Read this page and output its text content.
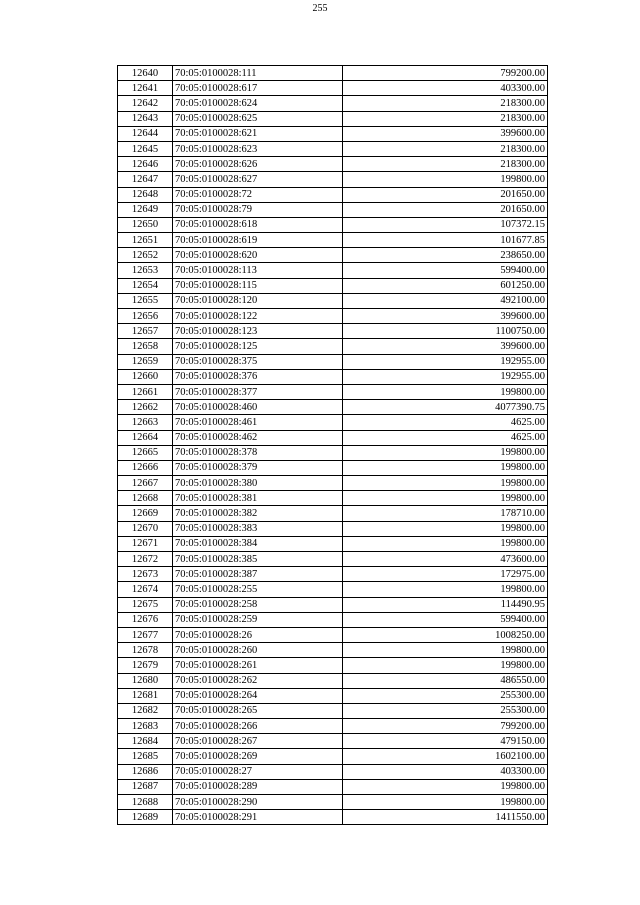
255
12640	70:05:0100028:111	799200.00
12641	70:05:0100028:617	403300.00
12642	70:05:0100028:624	218300.00
12643	70:05:0100028:625	218300.00
12644	70:05:0100028:621	399600.00
12645	70:05:0100028:623	218300.00
12646	70:05:0100028:626	218300.00
12647	70:05:0100028:627	199800.00
12648	70:05:0100028:72	201650.00
12649	70:05:0100028:79	201650.00
12650	70:05:0100028:618	107372.15
12651	70:05:0100028:619	101677.85
12652	70:05:0100028:620	238650.00
12653	70:05:0100028:113	599400.00
12654	70:05:0100028:115	601250.00
12655	70:05:0100028:120	492100.00
12656	70:05:0100028:122	399600.00
12657	70:05:0100028:123	1100750.00
12658	70:05:0100028:125	399600.00
12659	70:05:0100028:375	192955.00
12660	70:05:0100028:376	192955.00
12661	70:05:0100028:377	199800.00
12662	70:05:0100028:460	4077390.75
12663	70:05:0100028:461	4625.00
12664	70:05:0100028:462	4625.00
12665	70:05:0100028:378	199800.00
12666	70:05:0100028:379	199800.00
12667	70:05:0100028:380	199800.00
12668	70:05:0100028:381	199800.00
12669	70:05:0100028:382	178710.00
12670	70:05:0100028:383	199800.00
12671	70:05:0100028:384	199800.00
12672	70:05:0100028:385	473600.00
12673	70:05:0100028:387	172975.00
12674	70:05:0100028:255	199800.00
12675	70:05:0100028:258	114490.95
12676	70:05:0100028:259	599400.00
12677	70:05:0100028:26	1008250.00
12678	70:05:0100028:260	199800.00
12679	70:05:0100028:261	199800.00
12680	70:05:0100028:262	486550.00
12681	70:05:0100028:264	255300.00
12682	70:05:0100028:265	255300.00
12683	70:05:0100028:266	799200.00
12684	70:05:0100028:267	479150.00
12685	70:05:0100028:269	1602100.00
12686	70:05:0100028:27	403300.00
12687	70:05:0100028:289	199800.00
12688	70:05:0100028:290	199800.00
12689	70:05:0100028:291	1411550.00
